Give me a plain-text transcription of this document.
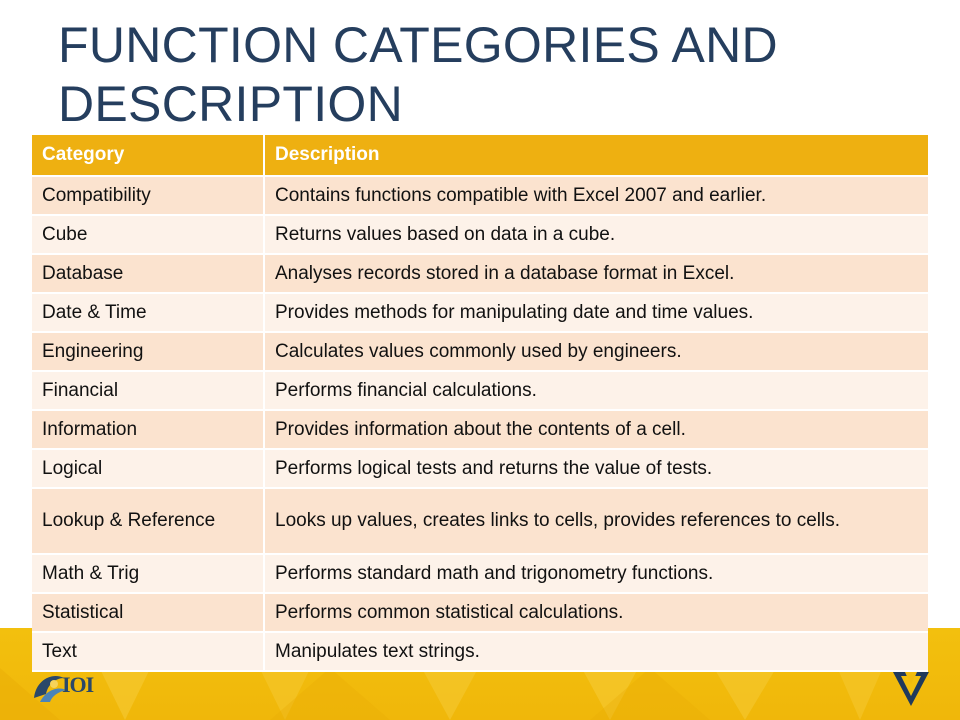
FUNCTION CATEGORIES AND DESCRIPTION
Category	Description
Compatibility	Contains functions compatible with Excel 2007 and earlier.
Cube	Returns values based on data in a cube.
Database	Analyses records stored in a database format in Excel.
Date & Time	Provides methods for manipulating date and time values.
Engineering	Calculates values commonly used by engineers.
Financial	Performs financial calculations.
Information	Provides information about the contents of a cell.
Logical	Performs logical tests and returns the value of tests.
Lookup & Reference	Looks up values, creates links to cells, provides references to cells.
Math & Trig	Performs standard math and trigonometry functions.
Statistical	Performs common statistical calculations.
Text	Manipulates text strings.
IOI
